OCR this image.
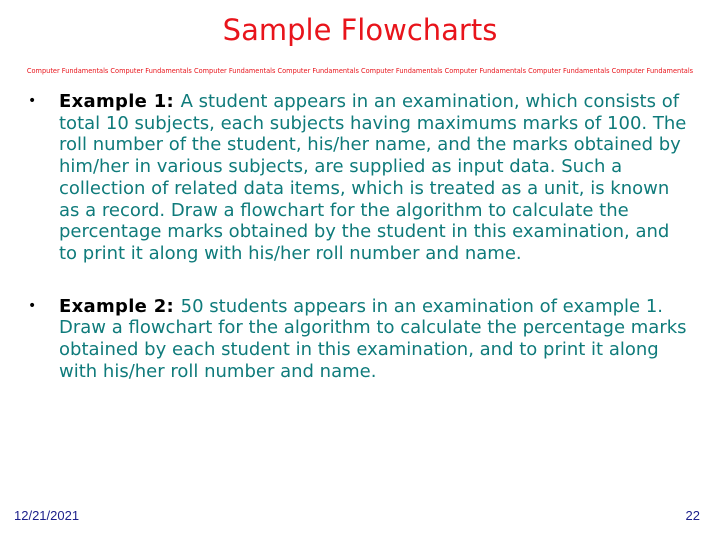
Sample Flowcharts
Computer Fundamentals Computer Fundamentals Computer Fundamentals Computer Fundamentals Computer Fundamentals Computer Fundamentals Computer Fundamentals Computer Fundamentals
• Example 1: A student appears in an examination, which consists of total 10 subjects, each subjects having maximums marks of 100. The roll number of the student, his/her name, and the marks obtained by him/her in various subjects, are supplied as input data. Such a collection of related data items, which is treated as a unit, is known as a record. Draw a flowchart for the algorithm to calculate the percentage marks obtained by the student in this examination, and to print it along with his/her roll number and name.
• Example 2: 50 students appears in an examination of example 1. Draw a flowchart for the algorithm to calculate the percentage marks obtained by each student in this examination, and to print it along with his/her roll number and name.
12/21/2021	22
